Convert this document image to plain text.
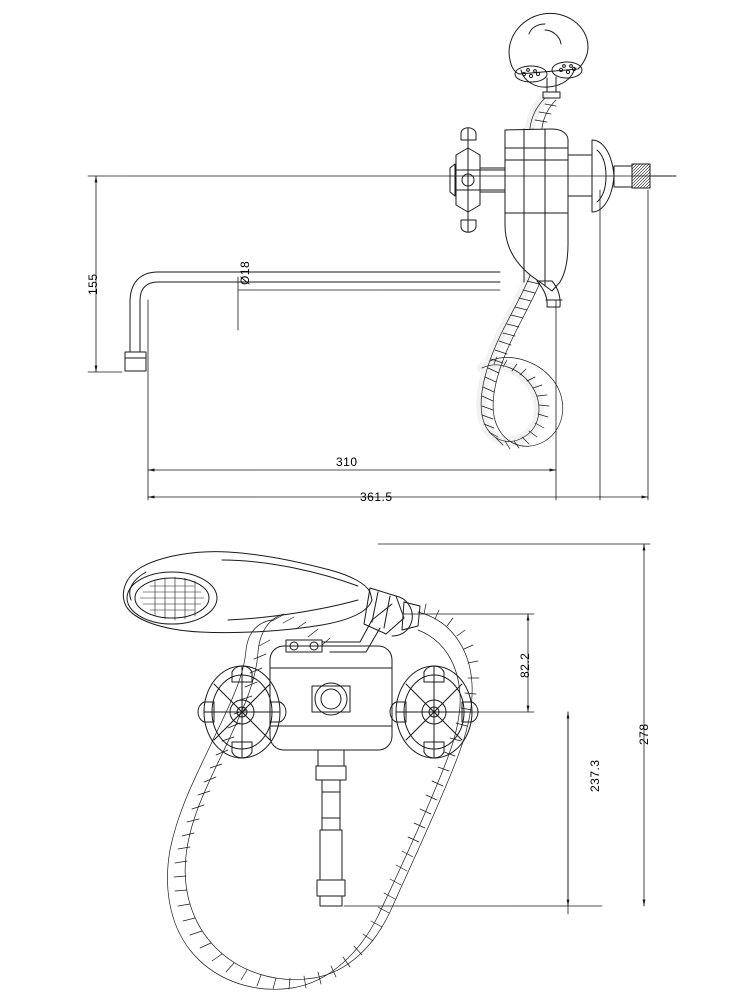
155	Ø18
310
361.5
82.2
237.3
278
